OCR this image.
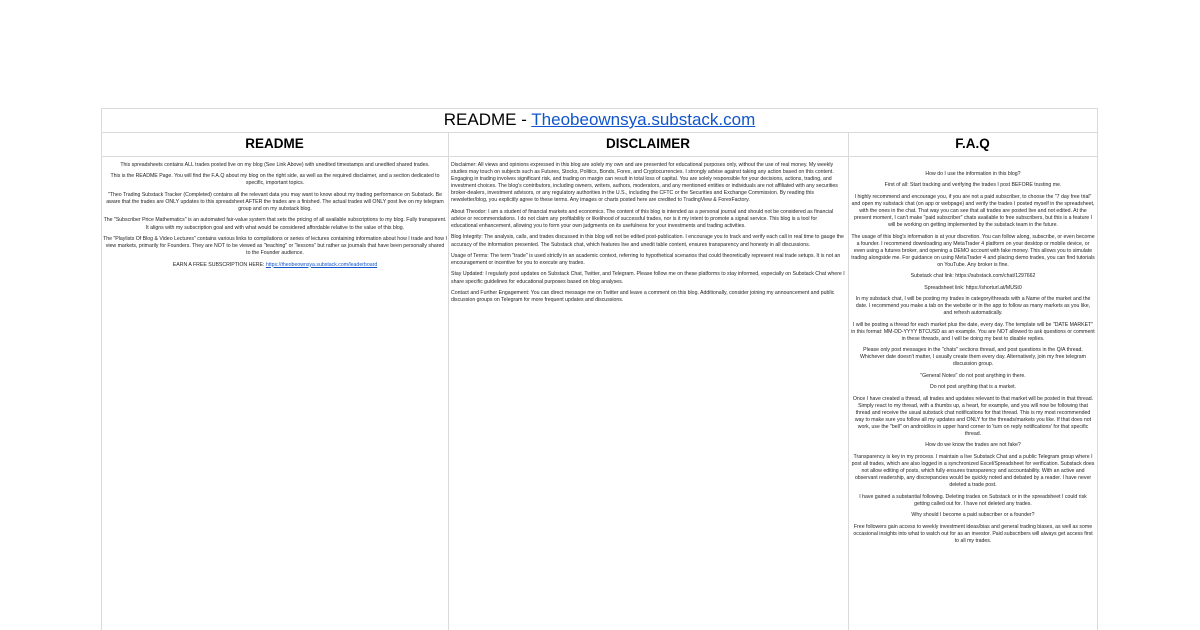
README - Theobeownsya.substack.com
README	DISCLAIMER	F.A.Q

This spreadsheets contains ALL trades posted live on my blog (See Link Above) with unedited timestamps and unedited shared trades.

This is the README Page. You will find the F.A.Q about my blog on the right side, as well as the required disclaimer, and a section dedicated to specific, important topics.

"Theo Trading Substack Tracker (Completed) contains all the relevant data you may want to know about my trading performance on Substack. Be aware that the trades are ONLY updates to this spreadsheet AFTER the trades are a finished. The actual trades will ONLY post live on my telegram group and on my substack blog.

The "Subscriber Price Mathematics" is an automated fair-value system that sets the pricing of all available subscriptions to my blog. Fully transparent. It aligns with my subscription goal and with what would be considered affordable relative to the value of this blog.

The "Playlists Of Blog & Video Lectures" contains various links to compilations or series of lectures containing information about how I trade and how I view markets, primarily for Founders. They are NOT to be viewed as "teaching" or "lessons" but rather as journals that have been personally shared to the Founder audience.

EARN A FREE SUBSCRIPTION HERE: https://theobeownsya.substack.com/leaderboard

Disclaimer: All views and opinions expressed in this blog are solely my own and are presented for educational purposes only, without the use of real money. My weekly studies may touch on subjects such as Futures, Stocks, Politics, Bonds, Forex, and Cryptocurrencies. I strongly advise against taking any action based on this content. Engaging in trading involves significant risk, and trading on margin can result in total loss of capital. You are solely responsible for your decisions, actions, trading, and investment choices. The blog's contributors, including owners, writers, authors, moderators, and any mentioned entities or individuals are not affiliated with any securities broker-dealers, investment advisors, or any regulatory authorities in the U.S., including the CFTC or the Securities and Exchange Commission. By reading this newsletter/blog, you explicitly agree to these terms. Any images or charts posted here are credited to TradingView & ForexFactory.

About Theodor: I am a student of financial markets and economics. The content of this blog is intended as a personal journal and should not be considered as financial advice or recommendations. I do not claim any profitability or likelihood of successful trades, nor is it my intent to promote a signal service. This blog is a tool for educational enhancement, allowing you to form your own judgments on its usefulness for your investments and trading activities.

Blog Integrity: The analysis, calls, and trades discussed in this blog will not be edited post-publication. I encourage you to track and verify each call in real time to gauge the accuracy of the information presented. The Substack chat, which features live and unedit table content, ensures transparency and honesty in all discussions.

Usage of Terms: The term "trade" is used strictly in an academic context, referring to hypothetical scenarios that could theoretically represent real trade setups. It is not an encouragement or incentive for you to execute any trades.

Stay Updated: I regularly post updates on Substack Chat, Twitter, and Telegram. Please follow me on these platforms to stay informed, especially on Substack Chat where I share specific guidelines for educational purposes based on blog analyses.

Contact and Further Engagement: You can direct message me on Twitter and leave a comment on this blog. Additionally, consider joining my announcement and public discussion groups on Telegram for more frequent updates and discussions.

How do I use the information in this blog?

First of all: Start tracking and verifying the trades I post BEFORE trusting me.

I highly recommend and encourage you, if you are not a paid subscriber, to choose the "7 day free trial" and open my substack chat (on app or webpage) and verify the trades I posted myself in the spreadsheet, with the ones in the chat. That way you can see that all trades are posted live and not edited. At the present moment, I can't make "paid subscriber" chats available to free subscribers, but this is a feature I will be working on getting implemented by the substack team in the future.

The usage of this blog's information is at your discretion. You can follow along, subscribe, or even become a founder. I recommend downloading any MetaTrader 4 platform on your desktop or mobile device, or even using a futures broker, and opening a DEMO account with fake money. This allows you to simulate trading alongside me. For guidance on using MetaTrader 4 and placing demo trades, you can find tutorials on YouTube. Any broker is fine.

Substack chat link: https://substack.com/chat/1297662

Spreadsheet link: https://shorturl.at/MUSt0

In my substack chat, I will be posting my trades in category/threads with a Name of the market and the date. I recommend you make a tab on the website or in the app to follow as many markets as you like, and refresh automatically.

I will be posting a thread for each market plus the date, every day. The template will be "DATE MARKET" in this format: MM-DD-YYYY BTCUSD as an example. You are NOT allowed to ask questions or comment in these threads, and I will be doing my best to disable replies.

Please only post messages in the "chats" sections thread, and post questions in the Q/A thread. Whichever date doesn't matter, I usually create them every day. Alternatively, join my free telegram discussion group.

"General Notes" do not post anything in there.

Do not post anything that is a market.

Once I have created a thread, all trades and updates relevant to that market will be posted in that thread. Simply react to my thread, with a thumbs up, a heart, for example, and you will now be following that thread and receive the usual substack chat notifications for that thread. This is my most recommended way to make sure you follow all my updates and ONLY for the threads/markets you like. If that does not work, use the "bell" on android/ios in upper hand corner to 'turn on reply notifications' for that specific thread.

How do we know the trades are not fake?

Transparency is key in my process. I maintain a live Substack Chat and a public Telegram group where I post all trades, which are also logged in a synchronized Excel/Spreadsheet for verification. Substack does not allow editing of posts, which fully ensures transparency and accountability. With an active and observant readership, any discrepancies would be quickly noted and debated by a reader. I have never deleted a trade post.

I have gained a substantial following. Deleting trades on Substack or in the spreadsheet I could risk getting called out for. I have not deleted any trades.

Why should I become a paid subscriber or a founder?

Free followers gain access to weekly investment ideas/bias and general trading biases, as well as some occasional insights into what to watch out for as an investor. Paid subscribers will always get access first to all my trades.
